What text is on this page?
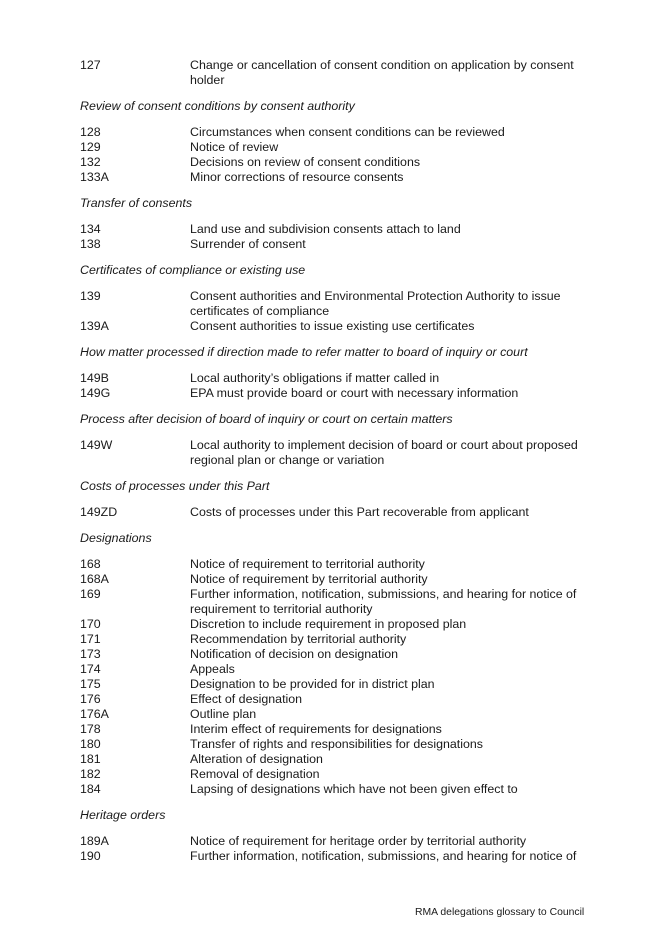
127	Change or cancellation of consent condition on application by consent holder
Review of consent conditions by consent authority
128	Circumstances when consent conditions can be reviewed
129	Notice of review
132	Decisions on review of consent conditions
133A	Minor corrections of resource consents
Transfer of consents
134	Land use and subdivision consents attach to land
138	Surrender of consent
Certificates of compliance or existing use
139	Consent authorities and Environmental Protection Authority to issue certificates of compliance
139A	Consent authorities to issue existing use certificates
How matter processed if direction made to refer matter to board of inquiry or court
149B	Local authority’s obligations if matter called in
149G	EPA must provide board or court with necessary information
Process after decision of board of inquiry or court on certain matters
149W	Local authority to implement decision of board or court about proposed regional plan or change or variation
Costs of processes under this Part
149ZD	Costs of processes under this Part recoverable from applicant
Designations
168	Notice of requirement to territorial authority
168A	Notice of requirement by territorial authority
169	Further information, notification, submissions, and hearing for notice of requirement to territorial authority
170	Discretion to include requirement in proposed plan
171	Recommendation by territorial authority
173	Notification of decision on designation
174	Appeals
175	Designation to be provided for in district plan
176	Effect of designation
176A	Outline plan
178	Interim effect of requirements for designations
180	Transfer of rights and responsibilities for designations
181	Alteration of designation
182	Removal of designation
184	Lapsing of designations which have not been given effect to
Heritage orders
189A	Notice of requirement for heritage order by territorial authority
190	Further information, notification, submissions, and hearing for notice of
RMA delegations glossary to Council
